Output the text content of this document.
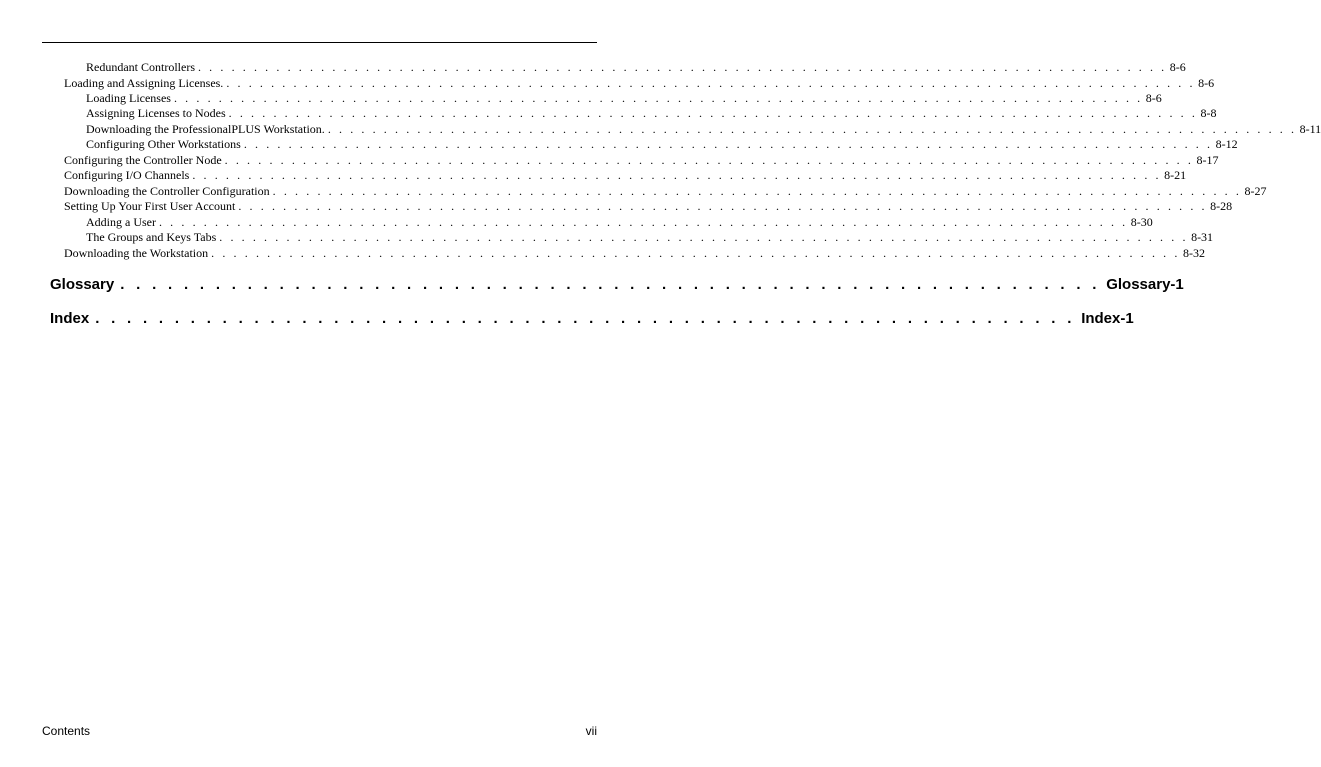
Redundant Controllers . . . . . . . . . . . . . . . . . . . . . . . . . . . . . . . . . . . . . . . . . . . . . . . . . . . . . . . . . . . . . . . . . . . . . . . . . . . . . . . . . . . . . . . 8-6
Loading and Assigning Licenses. . . . . . . . . . . . . . . . . . . . . . . . . . . . . . . . . . . . . . . . . . . . . . . . . . . . . . . . . . . . . . . . . . . . . . . . . . . . . . . . . . . . . . . . 8-6
Loading Licenses . . . . . . . . . . . . . . . . . . . . . . . . . . . . . . . . . . . . . . . . . . . . . . . . . . . . . . . . . . . . . . . . . . . . . . . . . . . . . . . . . . . . . . . 8-6
Assigning Licenses to Nodes . . . . . . . . . . . . . . . . . . . . . . . . . . . . . . . . . . . . . . . . . . . . . . . . . . . . . . . . . . . . . . . . . . . . . . . . . . . . . . . . . . . . . . . 8-8
Downloading the ProfessionalPLUS Workstation. . . . . . . . . . . . . . . . . . . . . . . . . . . . . . . . . . . . . . . . . . . . . . . . . . . . . . . . . . . . . . . . . . . . . . . . . . . . . . . . . . . . . . . . 8-11
Configuring Other Workstations . . . . . . . . . . . . . . . . . . . . . . . . . . . . . . . . . . . . . . . . . . . . . . . . . . . . . . . . . . . . . . . . . . . . . . . . . . . . . . . . . . . . . . . 8-12
Configuring the Controller Node . . . . . . . . . . . . . . . . . . . . . . . . . . . . . . . . . . . . . . . . . . . . . . . . . . . . . . . . . . . . . . . . . . . . . . . . . . . . . . . . . . . . . . . 8-17
Configuring I/O Channels . . . . . . . . . . . . . . . . . . . . . . . . . . . . . . . . . . . . . . . . . . . . . . . . . . . . . . . . . . . . . . . . . . . . . . . . . . . . . . . . . . . . . . . 8-21
Downloading the Controller Configuration . . . . . . . . . . . . . . . . . . . . . . . . . . . . . . . . . . . . . . . . . . . . . . . . . . . . . . . . . . . . . . . . . . . . . . . . . . . . . . . . . . . . . . . 8-27
Setting Up Your First User Account . . . . . . . . . . . . . . . . . . . . . . . . . . . . . . . . . . . . . . . . . . . . . . . . . . . . . . . . . . . . . . . . . . . . . . . . . . . . . . . . . . . . . . . 8-28
Adding a User . . . . . . . . . . . . . . . . . . . . . . . . . . . . . . . . . . . . . . . . . . . . . . . . . . . . . . . . . . . . . . . . . . . . . . . . . . . . . . . . . . . . . . . 8-30
The Groups and Keys Tabs . . . . . . . . . . . . . . . . . . . . . . . . . . . . . . . . . . . . . . . . . . . . . . . . . . . . . . . . . . . . . . . . . . . . . . . . . . . . . . . . . . . . . . . 8-31
Downloading the Workstation . . . . . . . . . . . . . . . . . . . . . . . . . . . . . . . . . . . . . . . . . . . . . . . . . . . . . . . . . . . . . . . . . . . . . . . . . . . . . . . . . . . . . . . 8-32
Glossary . . . . . . . . . . . . . . . . . . . . . . . . . . . . . . . . . . . . . . . . . . . . . . . . . . . . . . . . . . . . . . Glossary-1
Index . . . . . . . . . . . . . . . . . . . . . . . . . . . . . . . . . . . . . . . . . . . . . . . . . . . . . . . . . . . . . . Index-1
Contents	vii
